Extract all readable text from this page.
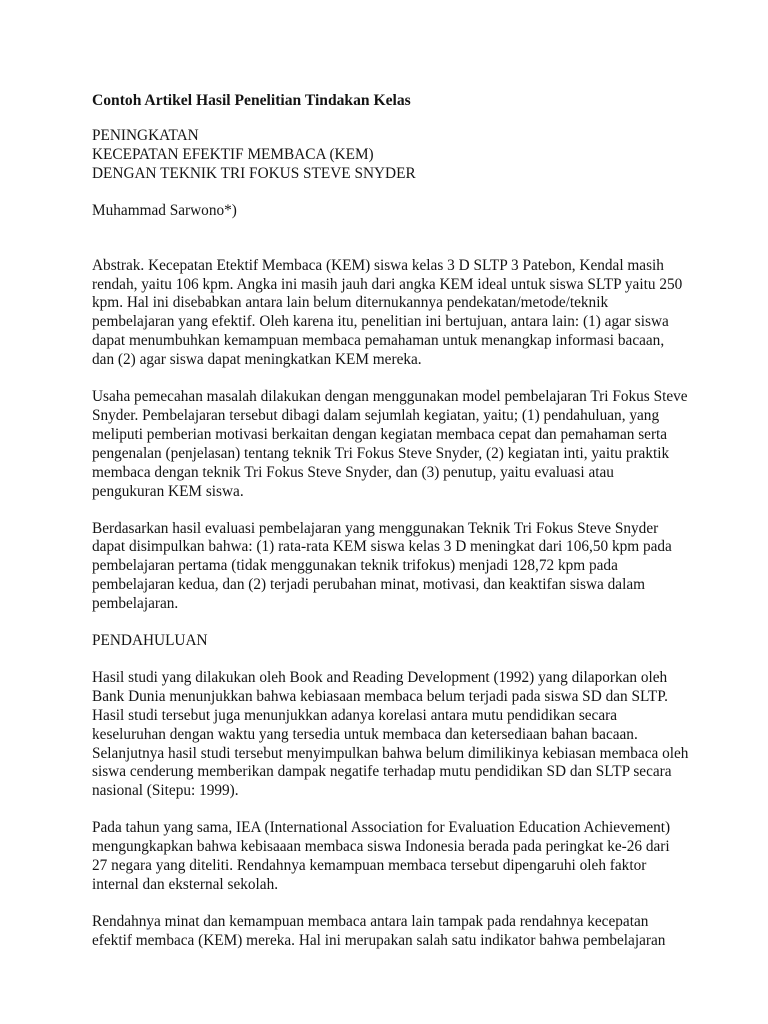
Contoh Artikel Hasil Penelitian Tindakan Kelas
PENINGKATAN
KECEPATAN EFEKTIF MEMBACA (KEM)
DENGAN TEKNIK TRI FOKUS STEVE SNYDER
Muhammad Sarwono*)
Abstrak. Kecepatan Etektif Membaca (KEM) siswa kelas 3 D SLTP 3 Patebon, Kendal masih
rendah, yaitu 106 kpm. Angka ini masih jauh dari angka KEM ideal untuk siswa SLTP yaitu 250
kpm. Hal ini disebabkan antara lain belum diternukannya pendekatan/metode/teknik
pembelajaran yang efektif. Oleh karena itu, penelitian ini bertujuan, antara lain: (1) agar siswa
dapat menumbuhkan kemampuan membaca pemahaman untuk menangkap informasi bacaan,
dan (2) agar siswa dapat meningkatkan KEM mereka.
Usaha pemecahan masalah dilakukan dengan menggunakan model pembelajaran Tri Fokus Steve
Snyder. Pembelajaran tersebut dibagi dalam sejumlah kegiatan, yaitu; (1) pendahuluan, yang
meliputi pemberian motivasi berkaitan dengan kegiatan membaca cepat dan pemahaman serta
pengenalan (penjelasan) tentang teknik Tri Fokus Steve Snyder, (2) kegiatan inti, yaitu praktik
membaca dengan teknik Tri Fokus Steve Snyder, dan (3) penutup, yaitu evaluasi atau
pengukuran KEM siswa.
Berdasarkan hasil evaluasi pembelajaran yang menggunakan Teknik Tri Fokus Steve Snyder
dapat disimpulkan bahwa: (1) rata-rata KEM siswa kelas 3 D meningkat dari 106,50 kpm pada
pembelajaran pertama (tidak menggunakan teknik trifokus) menjadi 128,72 kpm pada
pembelajaran kedua, dan (2) terjadi perubahan minat, motivasi, dan keaktifan siswa dalam
pembelajaran.
PENDAHULUAN
Hasil studi yang dilakukan oleh Book and Reading Development (1992) yang dilaporkan oleh
Bank Dunia menunjukkan bahwa kebiasaan membaca belum terjadi pada siswa SD dan SLTP.
Hasil studi tersebut juga menunjukkan adanya korelasi antara mutu pendidikan secara
keseluruhan dengan waktu yang tersedia untuk membaca dan ketersediaan bahan bacaan.
Selanjutnya hasil studi tersebut menyimpulkan bahwa belum dimilikinya kebiasan membaca oleh
siswa cenderung memberikan dampak negatife terhadap mutu pendidikan SD dan SLTP secara
nasional (Sitepu: 1999).
Pada tahun yang sama, IEA (International Association for Evaluation Education Achievement)
mengungkapkan bahwa kebisaaan membaca siswa Indonesia berada pada peringkat ke-26 dari
27 negara yang diteliti. Rendahnya kemampuan membaca tersebut dipengaruhi oleh faktor
internal dan eksternal sekolah.
Rendahnya minat dan kemampuan membaca antara lain tampak pada rendahnya kecepatan
efektif membaca (KEM) mereka. Hal ini merupakan salah satu indikator bahwa pembelajaran
